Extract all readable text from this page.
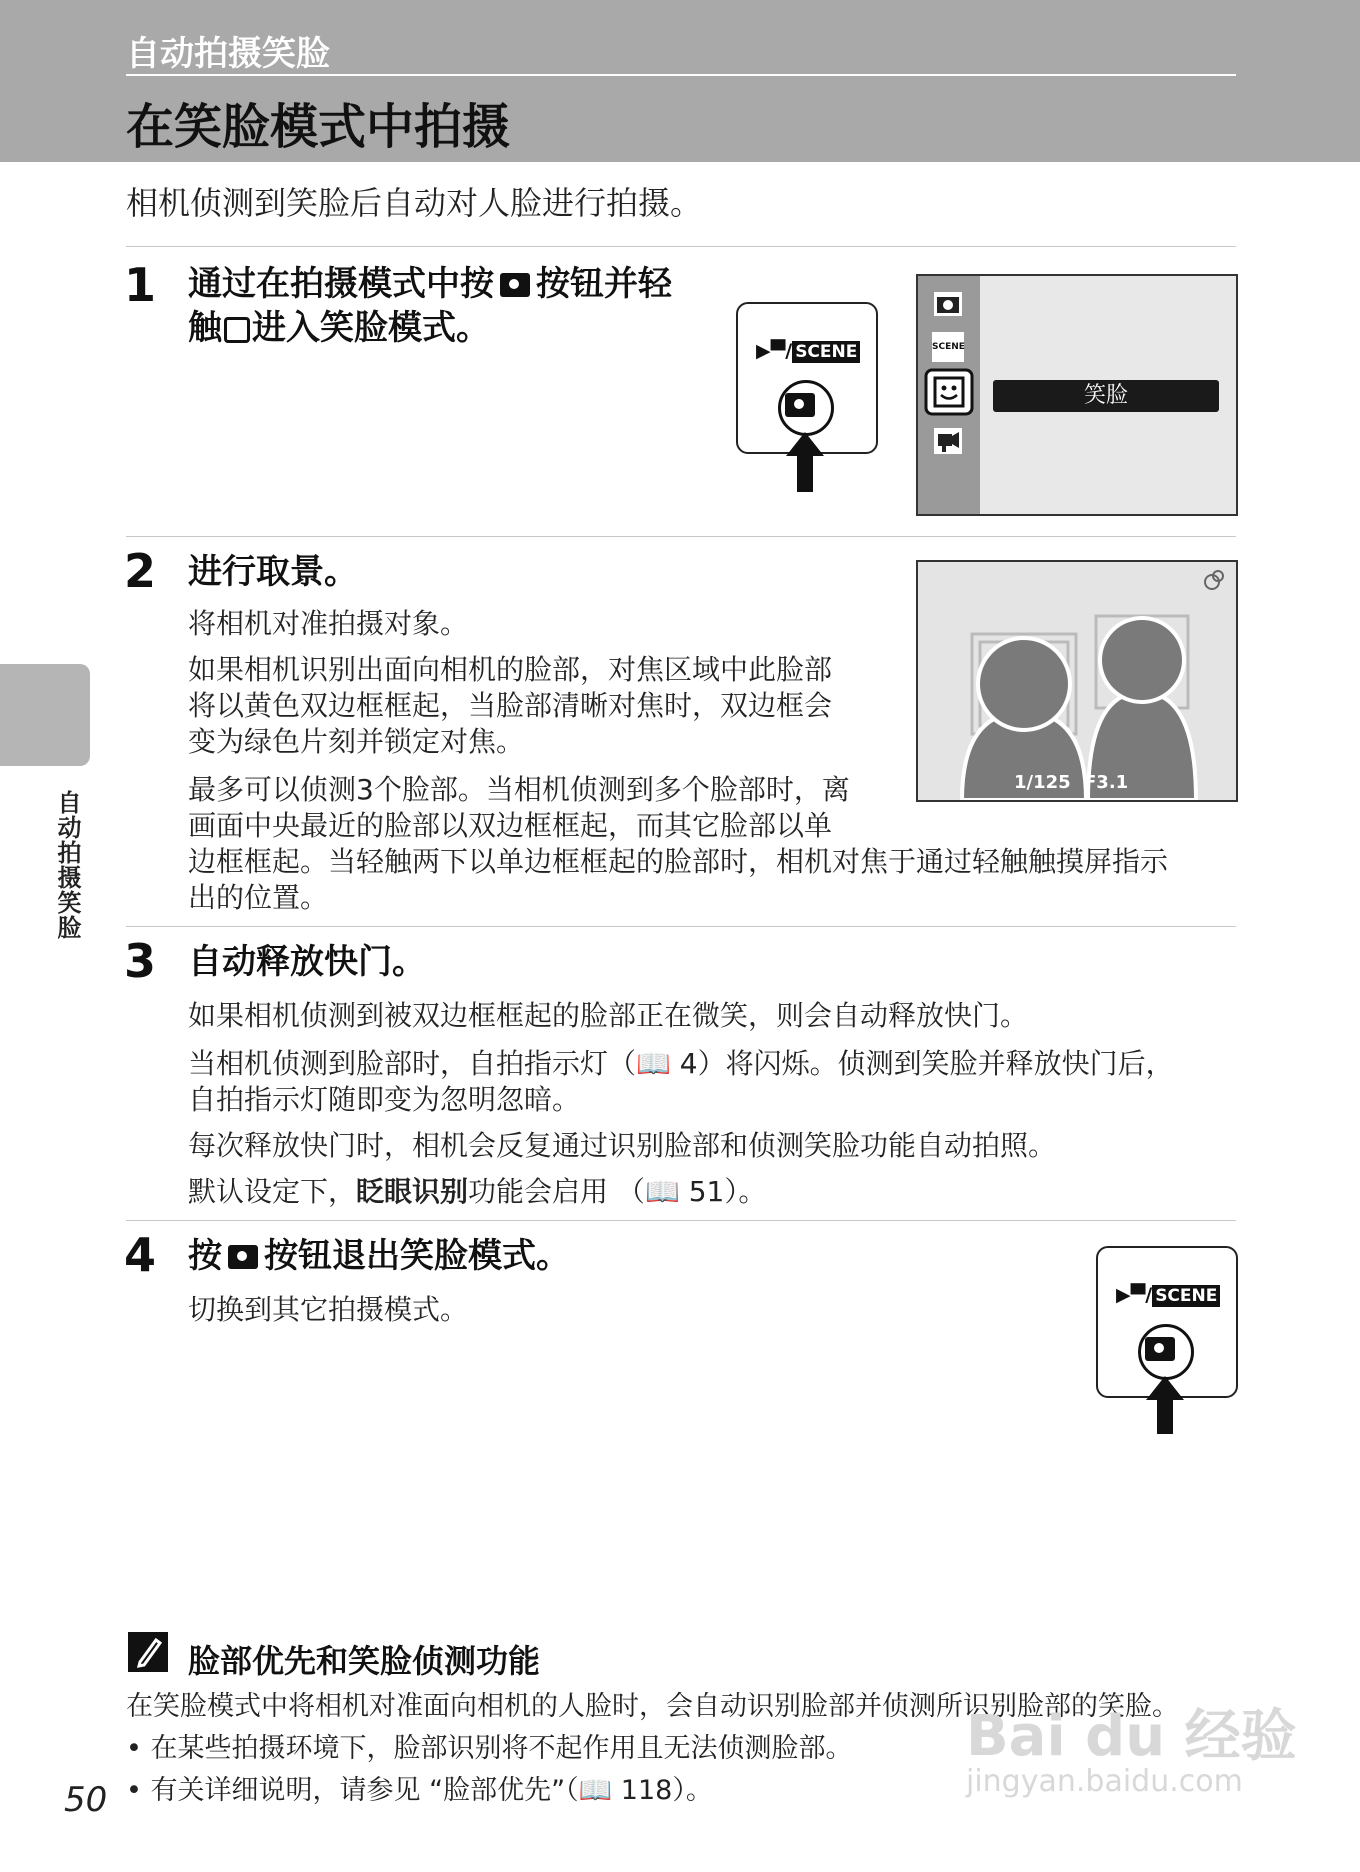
自动拍摄笑脸
在笑脸模式中拍摄
自动拍摄笑脸
相机侦测到笑脸后自动对人脸进行拍摄。
1 通过在拍摄模式中按 按钮并轻
触 进入笑脸模式。
▶▀/ SCENE	SCENE
笑脸
2 进行取景。
将相机对准拍摄对象。
如果相机识别出面向相机的脸部，对焦区域中此脸部
将以黄色双边框框起，当脸部清晰对焦时，双边框会
变为绿色片刻并锁定对焦。
最多可以侦测3个脸部。当相机侦测到多个脸部时，离
画面中央最近的脸部以双边框框起，而其它脸部以单
边框框起。当轻触两下以单边框框起的脸部时，相机对焦于通过轻触触摸屏指示
出的位置。
1/125 F3.1
3 自动释放快门。
如果相机侦测到被双边框框起的脸部正在微笑，则会自动释放快门。
当相机侦测到脸部时，自拍指示灯（📖 4）将闪烁。侦测到笑脸并释放快门后，
自拍指示灯随即变为忽明忽暗。
每次释放快门时，相机会反复通过识别脸部和侦测笑脸功能自动拍照。
默认设定下，眨眼识别功能会启用 （📖 51）。
4 按 按钮退出笑脸模式。
切换到其它拍摄模式。	▶▀/ SCENE
脸部优先和笑脸侦测功能
在笑脸模式中将相机对准面向相机的人脸时，会自动识别脸部并侦测所识别脸部的笑脸。
• 在某些拍摄环境下，脸部识别将不起作用且无法侦测脸部。
• 有关详细说明，请参见 “脸部优先”（📖 118）。
50
Bai du 经验
jingyan.baidu.com
